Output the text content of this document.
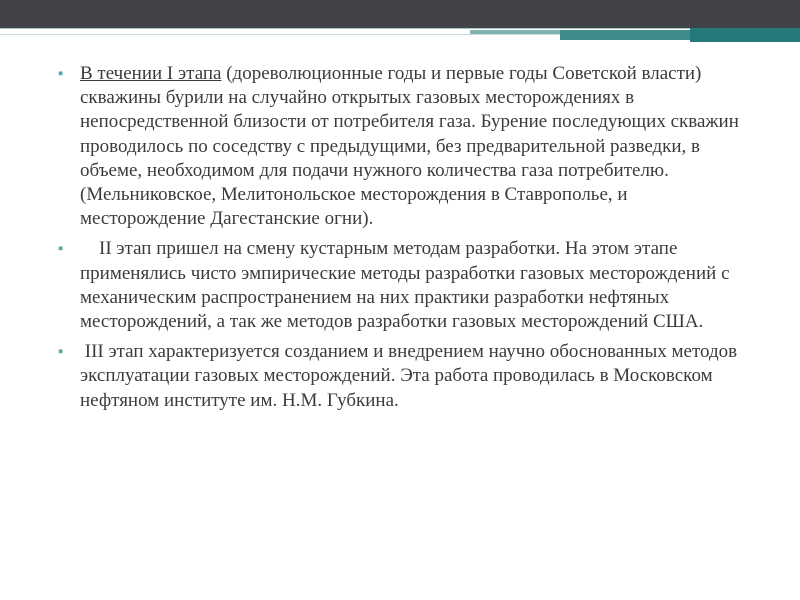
▪ В течении I этапа (дореволюционные годы и первые годы Советской власти) скважины бурили на случайно открытых газовых месторождениях в непосредственной близости от потребителя газа. Бурение последующих скважин проводилось по соседству с предыдущими, без предварительной разведки, в объеме, необходимом для подачи нужного количества газа потребителю. (Мельниковское, Мелитонольское месторождения в Ставрополье, и месторождение Дагестанские огни).
▪ II этап пришел на смену кустарным методам разработки. На этом этапе применялись чисто эмпирические методы разработки газовых месторождений с механическим распространением на них практики разработки нефтяных месторождений, а так же методов разработки газовых месторождений США.
▪ III этап характеризуется созданием и внедрением научно обоснованных методов эксплуатации газовых месторождений. Эта работа проводилась в Московском нефтяном институте им. Н.М. Губкина.
